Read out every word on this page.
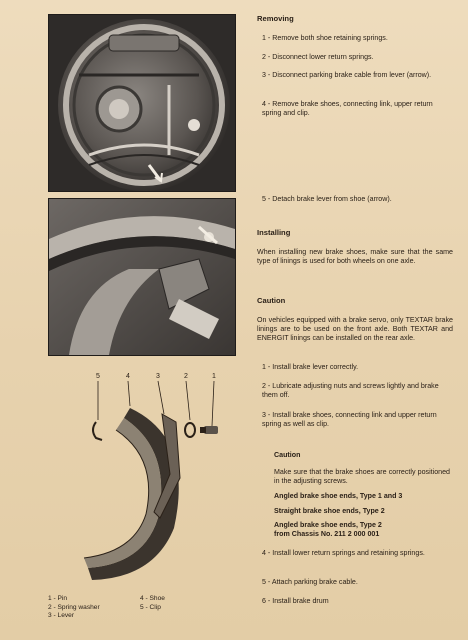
5	4	3	2	1
1 - Pin
2 - Spring washer
3 - Lever
4 - Shoe
5 - Clip
Removing
1 - Remove both shoe retaining springs.
2 - Disconnect lower return springs.
3 - Disconnect parking brake cable from lever (arrow).
4 - Remove brake shoes, connecting link, upper return spring and clip.
5 - Detach brake lever from shoe (arrow).
Installing
When installing new brake shoes, make sure that the same type of linings is used for both wheels on one axle.
Caution
On vehicles equipped with a brake servo, only TEXTAR brake linings are to be used on the front axle. Both TEXTAR and ENERGIT linings can be installed on the rear axle.
1 - Install brake lever correctly.
2 - Lubricate adjusting nuts and screws lightly and brake them off.
3 - Install brake shoes, connecting link and upper return spring as well as clip.
Caution
Make sure that the brake shoes are correctly positioned in the adjusting screws.
Angled brake shoe ends, Type 1 and 3
Straight brake shoe ends, Type 2
Angled brake shoe ends, Type 2
from Chassis No. 211 2 000 001
4 - Install lower return springs and retaining springs.
5 - Attach parking brake cable.
6 - Install brake drum
